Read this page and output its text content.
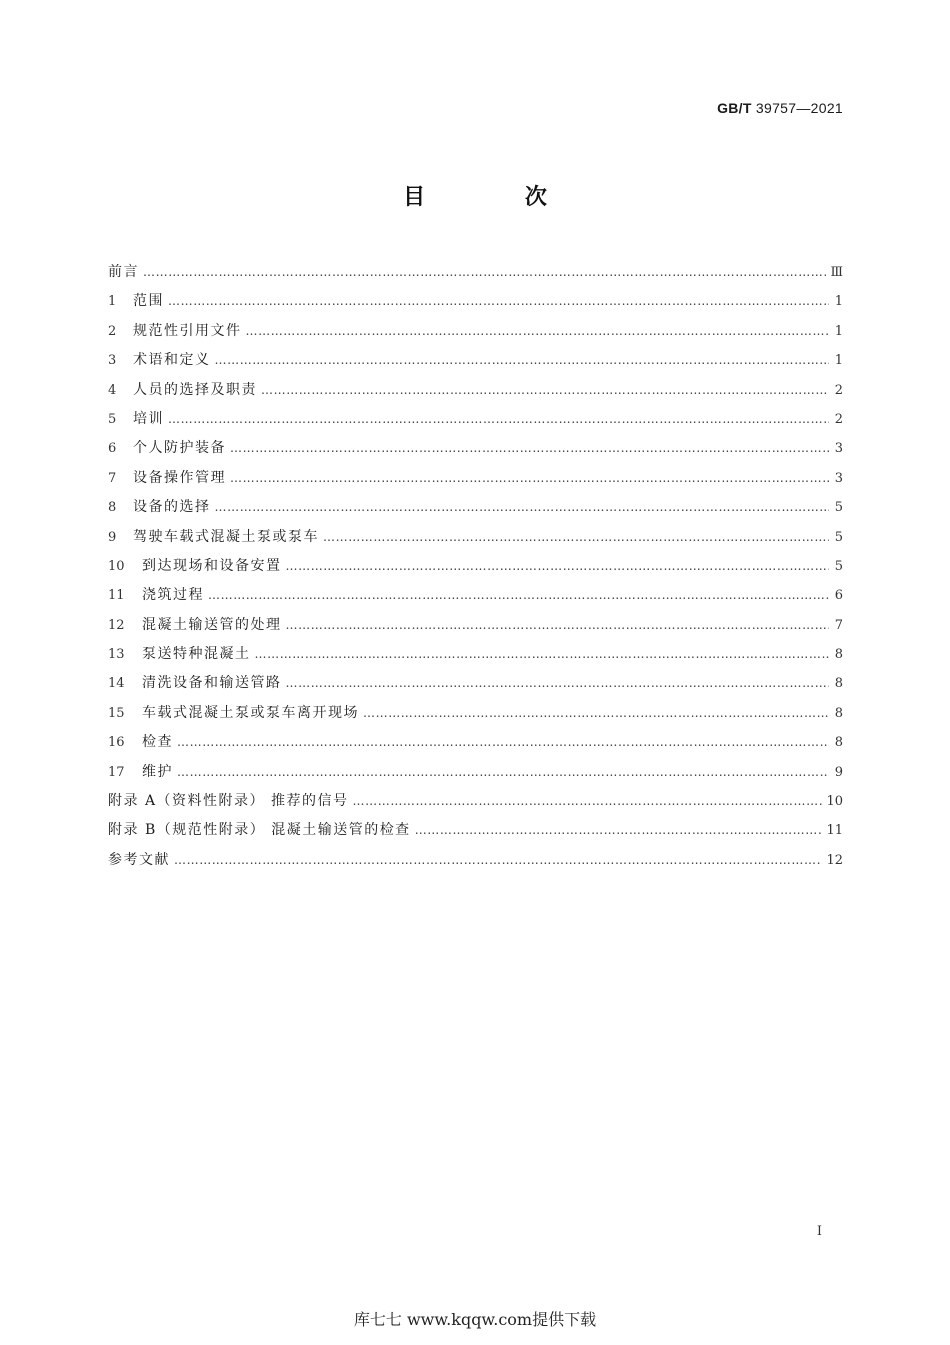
GB/T 39757—2021
目 次
前言 ………………………………………………………………………………………………………………………………………………………………………………………………	Ⅲ
1	范围 ………………………………………………………………………………………………………………………………………………………………………………………………	1
2	规范性引用文件 ………………………………………………………………………………………………………………………………………………………………………………………………	1
3	术语和定义 ………………………………………………………………………………………………………………………………………………………………………………………………	1
4	人员的选择及职责 ………………………………………………………………………………………………………………………………………………………………………………………………	2
5	培训 ………………………………………………………………………………………………………………………………………………………………………………………………	2
6	个人防护装备 ………………………………………………………………………………………………………………………………………………………………………………………………	3
7	设备操作管理 ………………………………………………………………………………………………………………………………………………………………………………………………	3
8	设备的选择 ………………………………………………………………………………………………………………………………………………………………………………………………	5
9	驾驶车载式混凝土泵或泵车 ………………………………………………………………………………………………………………………………………………………………………………………………	5
10	到达现场和设备安置 ………………………………………………………………………………………………………………………………………………………………………………………………	5
11	浇筑过程 ………………………………………………………………………………………………………………………………………………………………………………………………	6
12	混凝土输送管的处理 ………………………………………………………………………………………………………………………………………………………………………………………………	7
13	泵送特种混凝土 ………………………………………………………………………………………………………………………………………………………………………………………………	8
14	清洗设备和输送管路 ………………………………………………………………………………………………………………………………………………………………………………………………	8
15	车载式混凝土泵或泵车离开现场 ………………………………………………………………………………………………………………………………………………………………………………………………	8
16	检查 ………………………………………………………………………………………………………………………………………………………………………………………………	8
17	维护 ………………………………………………………………………………………………………………………………………………………………………………………………	9
附录 A（资料性附录） 推荐的信号 ………………………………………………………………………………………………………………………………………………………………………………………………	10
附录 B（规范性附录） 混凝土输送管的检查 ………………………………………………………………………………………………………………………………………………………………………………………………	11
参考文献 ………………………………………………………………………………………………………………………………………………………………………………………………	12
I
库七七 www.kqqw.com提供下载
